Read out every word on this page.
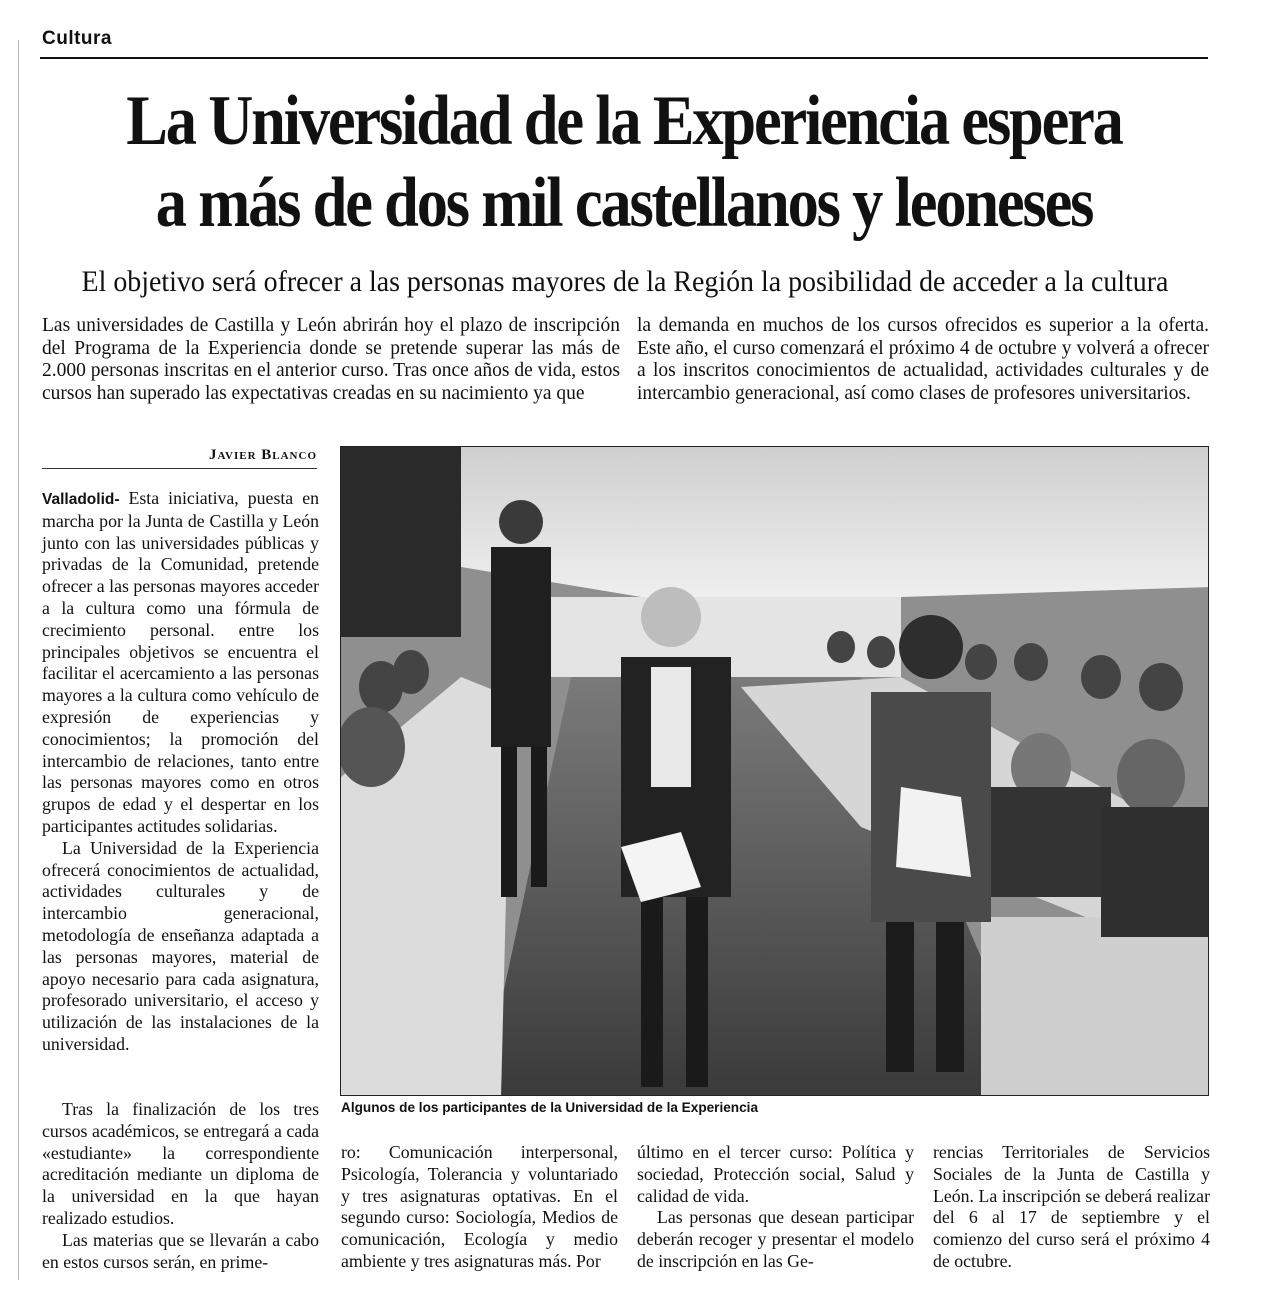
Cultura
La Universidad de la Experiencia espera
a más de dos mil castellanos y leoneses
El objetivo será ofrecer a las personas mayores de la Región la posibilidad de acceder a la cultura
Las universidades de Castilla y León abrirán hoy el plazo de inscripción del Programa de la Experiencia donde se pretende superar las más de 2.000 personas inscritas en el anterior curso. Tras once años de vida, estos cursos han superado las expectativas creadas en su nacimiento ya que
la demanda en muchos de los cursos ofrecidos es superior a la oferta. Este año, el curso comenzará el próximo 4 de octubre y volverá a ofrecer a los inscritos conocimientos de actualidad, actividades culturales y de intercambio generacional, así como clases de profesores universitarios.
Javier Blanco

Valladolid- Esta iniciativa, puesta en marcha por la Junta de Castilla y León junto con las universidades públicas y privadas de la Comunidad, pretende ofrecer a las personas mayores acceder a la cultura como una fórmula de crecimiento personal. entre los principales objetivos se encuentra el facilitar el acercamiento a las personas mayores a la cultura como vehículo de expresión de experiencias y conocimientos; la promoción del intercambio de relaciones, tanto entre las personas mayores como en otros grupos de edad y el despertar en los participantes actitudes solidarias.

La Universidad de la Experiencia ofrecerá conocimientos de actualidad, actividades culturales y de intercambio generacional, metodología de enseñanza adaptada a las personas mayores, material de apoyo necesario para cada asignatura, profesorado universitario, el acceso y utilización de las instalaciones de la universidad.

Tras la finalización de los tres cursos académicos, se entregará a cada «estudiante» la correspondiente acreditación mediante un diploma de la universidad en la que hayan realizado estudios.

Las materias que se llevarán a cabo en estos cursos serán, en prime-

ro: Comunicación interpersonal, Psicología, Tolerancia y voluntariado y tres asignaturas optativas. En el segundo curso: Sociología, Medios de comunicación, Ecología y medio ambiente y tres asignaturas más. Por

último en el tercer curso: Política y sociedad, Protección social, Salud y calidad de vida.

Las personas que desean participar deberán recoger y presentar el modelo de inscripción en las Ge-

rencias Territoriales de Servicios Sociales de la Junta de Castilla y León. La inscripción se deberá realizar del 6 al 17 de septiembre y el comienzo del curso será el próximo 4 de octubre.

Algunos de los participantes de la Universidad de la Experiencia
